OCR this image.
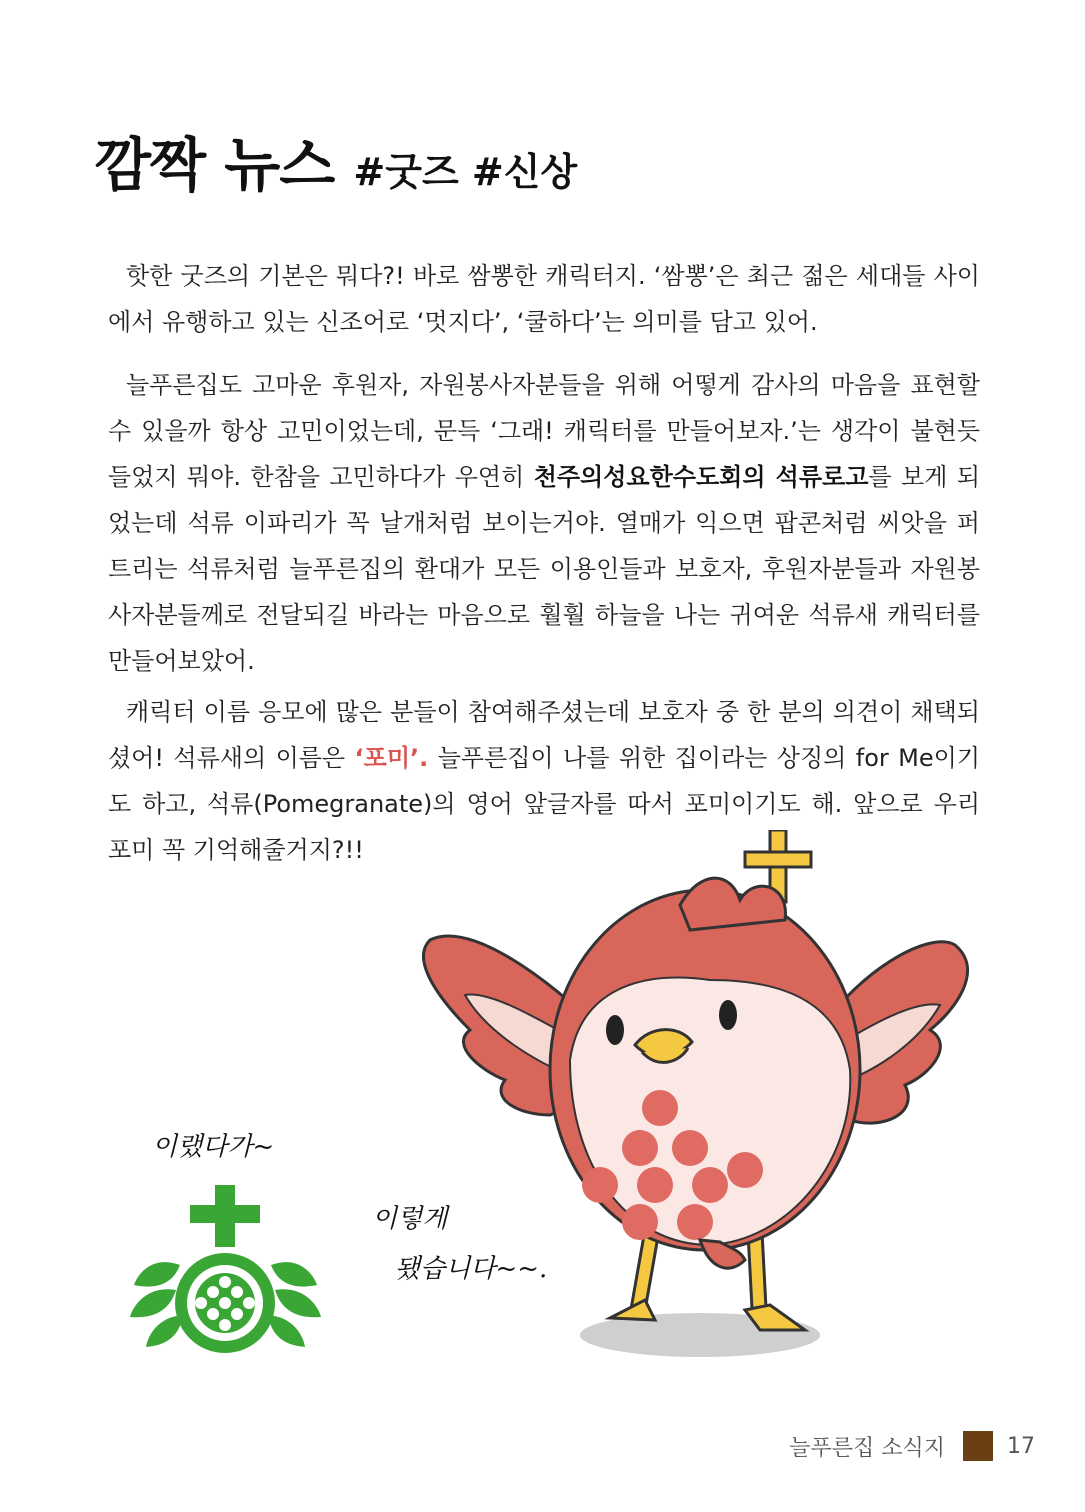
깜짝 뉴스 #굿즈 #신상

핫한 굿즈의 기본은 뭐다?! 바로 쌈뽕한 캐릭터지. ‘쌈뽕’은 최근 젊은 세대들 사이에서 유행하고 있는 신조어로 ‘멋지다’, ‘쿨하다’는 의미를 담고 있어.

늘푸른집도 고마운 후원자, 자원봉사자분들을 위해 어떻게 감사의 마음을 표현할 수 있을까 항상 고민이었는데, 문득 ‘그래! 캐릭터를 만들어보자.’는 생각이 불현듯 들었지 뭐야. 한참을 고민하다가 우연히 천주의성요한수도회의 석류로고를 보게 되었는데 석류 이파리가 꼭 날개처럼 보이는거야. 열매가 익으면 팝콘처럼 씨앗을 퍼트리는 석류처럼 늘푸른집의 환대가 모든 이용인들과 보호자, 후원자분들과 자원봉사자분들께로 전달되길 바라는 마음으로 훨훨 하늘을 나는 귀여운 석류새 캐릭터를 만들어보았어.

캐릭터 이름 응모에 많은 분들이 참여해주셨는데 보호자 중 한 분의 의견이 채택되셨어! 석류새의 이름은 ‘포미’. 늘푸른집이 나를 위한 집이라는 상징의 for Me이기도 하고, 석류(Pomegranate)의 영어 앞글자를 따서 포미이기도 해. 앞으로 우리 포미 꼭 기억해줄거지?!!

이랬다가~
이렇게
됐습니다~~.
늘푸른집 소식지	17
